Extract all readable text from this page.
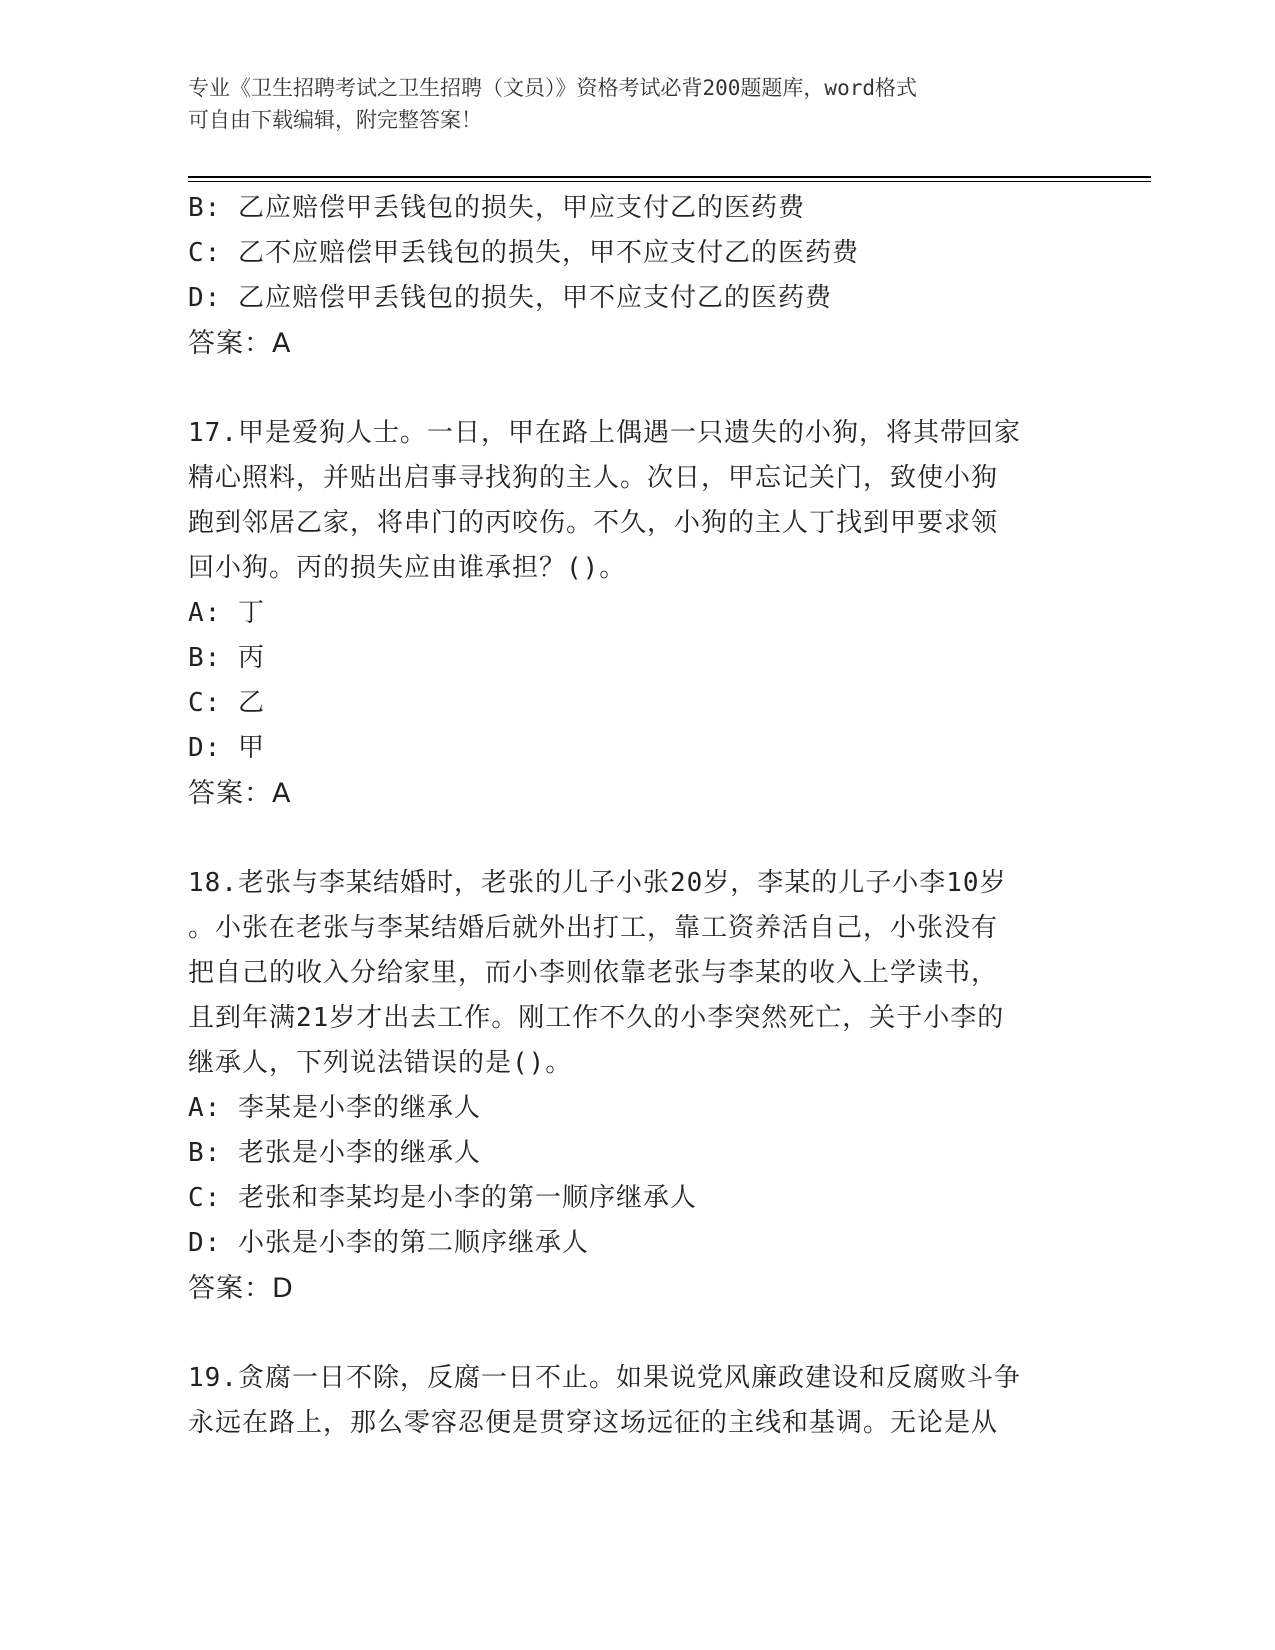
专业《卫生招聘考试之卫生招聘（文员）》资格考试必背200题题库，word格式
可自由下载编辑，附完整答案！
B: 乙应赔偿甲丢钱包的损失，甲应支付乙的医药费
C: 乙不应赔偿甲丢钱包的损失，甲不应支付乙的医药费
D: 乙应赔偿甲丢钱包的损失，甲不应支付乙的医药费
答案：A
17.甲是爱狗人士。一日，甲在路上偶遇一只遗失的小狗，将其带回家
精心照料，并贴出启事寻找狗的主人。次日，甲忘记关门，致使小狗
跑到邻居乙家，将串门的丙咬伤。不久，小狗的主人丁找到甲要求领
回小狗。丙的损失应由谁承担？()。
A: 丁
B: 丙
C: 乙
D: 甲
答案：A
18.老张与李某结婚时，老张的儿子小张20岁，李某的儿子小李10岁
。小张在老张与李某结婚后就外出打工，靠工资养活自己，小张没有
把自己的收入分给家里，而小李则依靠老张与李某的收入上学读书，
且到年满21岁才出去工作。刚工作不久的小李突然死亡，关于小李的
继承人，下列说法错误的是()。
A: 李某是小李的继承人
B: 老张是小李的继承人
C: 老张和李某均是小李的第一顺序继承人
D: 小张是小李的第二顺序继承人
答案：D
19.贪腐一日不除，反腐一日不止。如果说党风廉政建设和反腐败斗争
永远在路上，那么零容忍便是贯穿这场远征的主线和基调。无论是从
